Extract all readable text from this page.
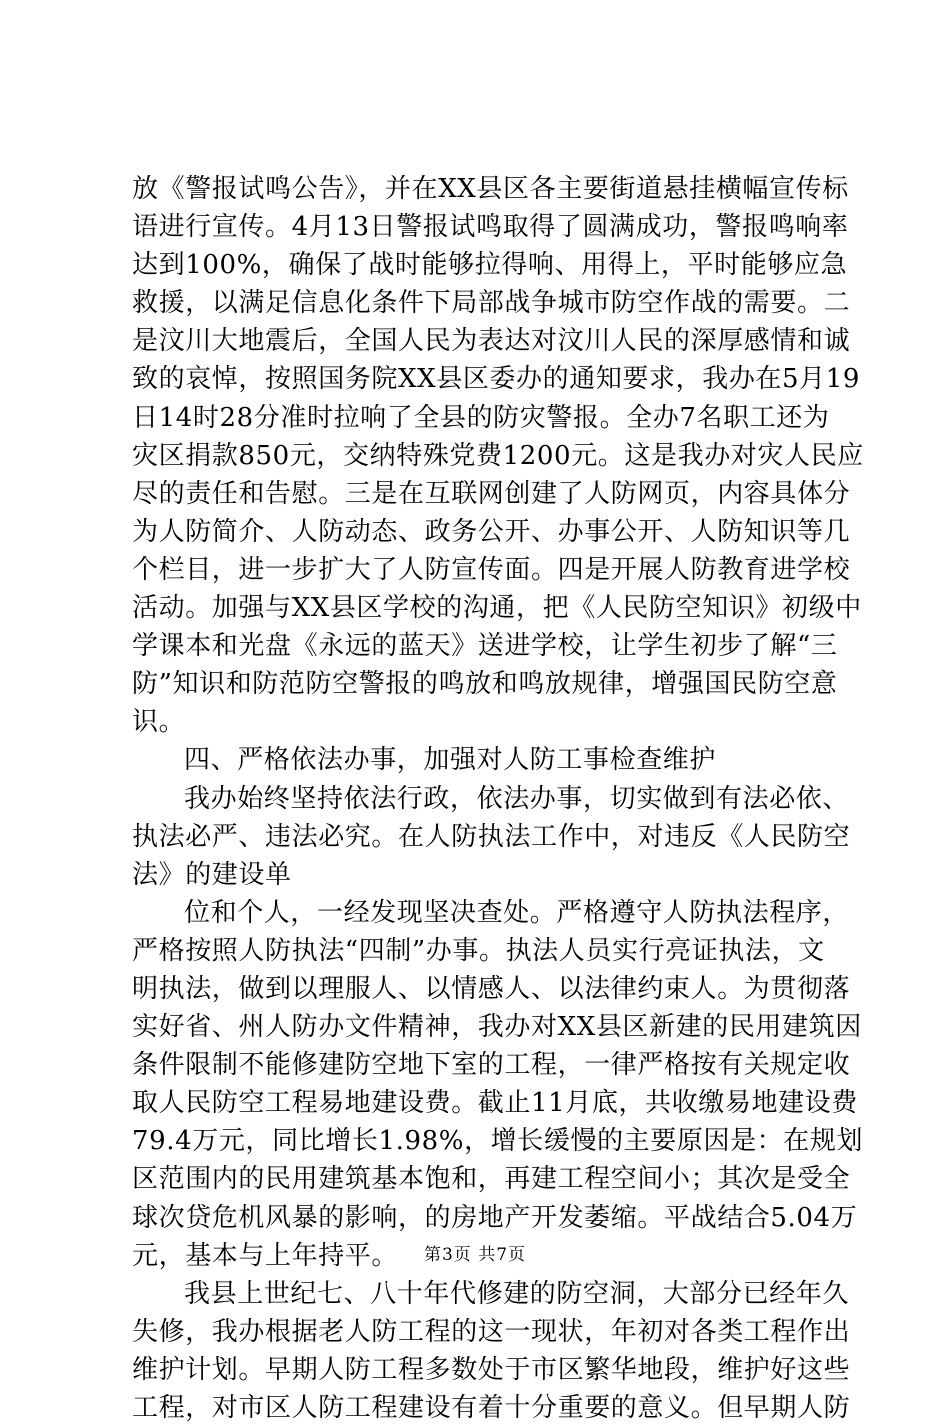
放《警报试鸣公告》，并在XX县区各主要街道悬挂横幅宣传标
语进行宣传。4月13日警报试鸣取得了圆满成功，警报鸣响率
达到100%，确保了战时能够拉得响、用得上，平时能够应急
救援，以满足信息化条件下局部战争城市防空作战的需要。二
是汶川大地震后，全国人民为表达对汶川人民的深厚感情和诚
致的哀悼，按照国务院XX县区委办的通知要求，我办在5月19
日14时28分准时拉响了全县的防灾警报。全办7名职工还为
灾区捐款850元，交纳特殊党费1200元。这是我办对灾人民应
尽的责任和告慰。三是在互联网创建了人防网页，内容具体分
为人防简介、人防动态、政务公开、办事公开、人防知识等几
个栏目，进一步扩大了人防宣传面。四是开展人防教育进学校
活动。加强与XX县区学校的沟通，把《人民防空知识》初级中
学课本和光盘《永远的蓝天》送进学校，让学生初步了解“三
防”知识和防范防空警报的鸣放和鸣放规律，增强国民防空意
识。
四、严格依法办事，加强对人防工事检查维护
我办始终坚持依法行政，依法办事，切实做到有法必依、
执法必严、违法必究。在人防执法工作中，对违反《人民防空
法》的建设单
位和个人，一经发现坚决查处。严格遵守人防执法程序，
严格按照人防执法“四制”办事。执法人员实行亮证执法，文
明执法，做到以理服人、以情感人、以法律约束人。为贯彻落
实好省、州人防办文件精神，我办对XX县区新建的民用建筑因
条件限制不能修建防空地下室的工程，一律严格按有关规定收
取人民防空工程易地建设费。截止11月底，共收缴易地建设费
79.4万元，同比增长1.98%，增长缓慢的主要原因是：在规划
区范围内的民用建筑基本饱和，再建工程空间小；其次是受全
球次贷危机风暴的影响，的房地产开发萎缩。平战结合5.04万
元，基本与上年持平。
我县上世纪七、八十年代修建的防空洞，大部分已经年久
失修，我办根据老人防工程的这一现状，年初对各类工程作出
维护计划。早期人防工程多数处于市区繁华地段，维护好这些
工程，对市区人防工程建设有着十分重要的意义。但早期人防
第3页 共7页
